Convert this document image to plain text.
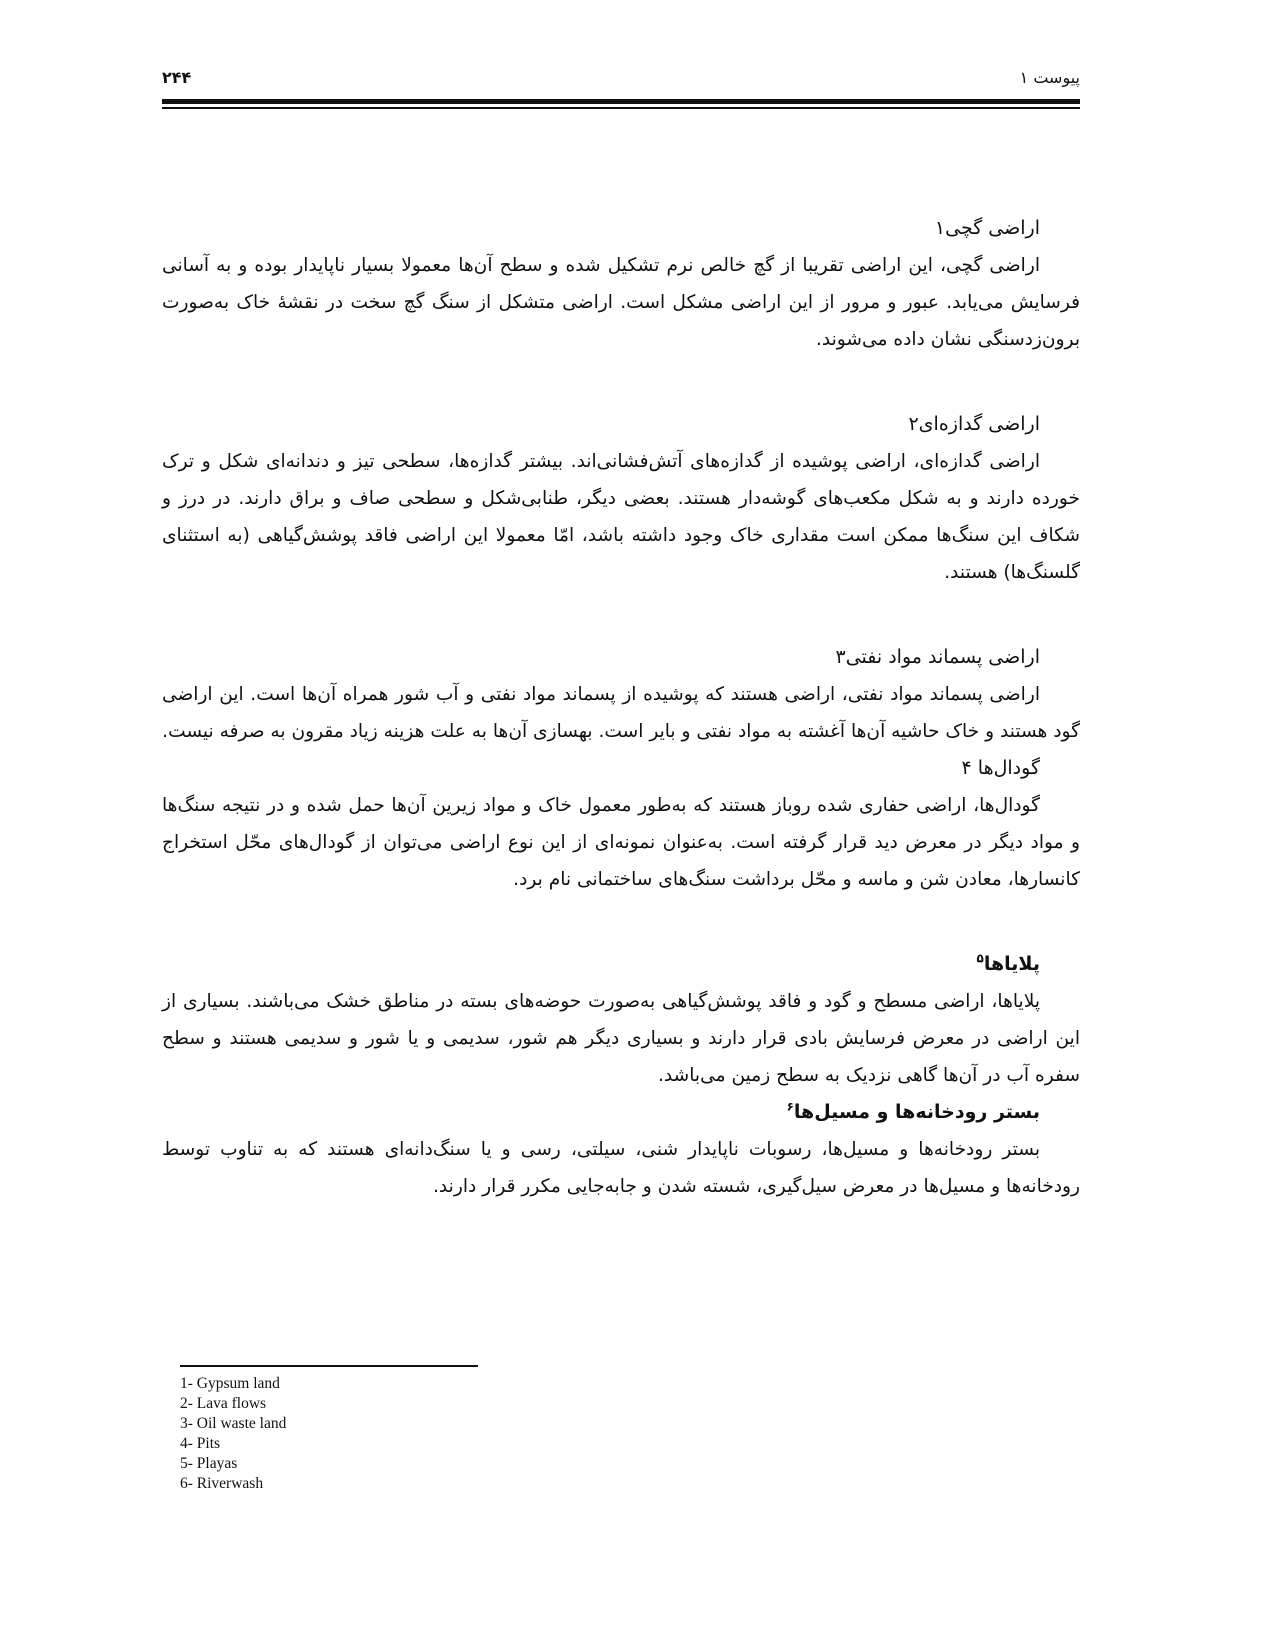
۲۴۴	پیوست ۱
اراضی گچی۱

اراضی گچی، این اراضی تقریبا از گچ خالص نرم تشکیل شده و سطح آن‌ها معمولا بسیار ناپایدار بوده و به آسانی فرسایش می‌یابد. عبور و مرور از این اراضی مشکل است. اراضی متشکل از سنگ گچ سخت در نقشهٔ خاک به‌صورت برون‌زدسنگی نشان داده می‌شوند.

اراضی گدازه‌ای۲

اراضی گدازه‌ای، اراضی پوشیده از گدازه‌های آتش‌فشانی‌اند. بیشتر گدازه‌ها، سطحی تیز و دندانه‌ای شکل و ترک خورده دارند و به شکل مکعب‌های گوشه‌دار هستند. بعضی دیگر، طنابی‌شکل و سطحی صاف و براق دارند. در درز و شکاف این سنگ‌ها ممکن است مقداری خاک وجود داشته باشد، امّا معمولا این اراضی فاقد پوشش‌گیاهی (به استثنای گلسنگ‌ها) هستند.

اراضی پسماند مواد نفتی۳

اراضی پسماند مواد نفتی، اراضی هستند که پوشیده از پسماند مواد نفتی و آب شور همراه آن‌ها است. این اراضی گود هستند و خاک حاشیه آن‌ها آغشته به مواد نفتی و بایر است. بهسازی آن‌ها به علت هزینه زیاد مقرون به صرفه نیست.

گودال‌ها ۴

گودال‌ها، اراضی حفاری شده روباز هستند که به‌طور معمول خاک و مواد زیرین آن‌ها حمل شده و در نتیجه سنگ‌ها و مواد دیگر در معرض دید قرار گرفته است. به‌عنوان نمونه‌ای از این نوع اراضی می‌توان از گودال‌های محّل استخراج کانسارها، معادن شن و ماسه و محّل برداشت سنگ‌های ساختمانی نام برد.

پلایاها$^۵$

پلایاها، اراضی مسطح و گود و فاقد پوشش‌گیاهی به‌صورت حوضه‌های بسته در مناطق خشک می‌باشند. بسیاری از این اراضی در معرض فرسایش بادی قرار دارند و بسیاری دیگر هم شور، سدیمی و یا شور و سدیمی هستند و سطح سفره آب در آن‌ها گاهی نزدیک به سطح زمین می‌باشد.

بستر رودخانه‌ها و مسیل‌ها$^۶$

بستر رودخانه‌ها و مسیل‌ها، رسوبات ناپایدار شنی، سیلتی، رسی و یا سنگ‌دانه‌ای هستند که به تناوب توسط رودخانه‌ها و مسیل‌ها در معرض سیل‌گیری، شسته شدن و جابه‌جایی مکرر قرار دارند.

1- Gypsum land
2- Lava flows
3- Oil waste land
4- Pits
5- Playas
6- Riverwash
